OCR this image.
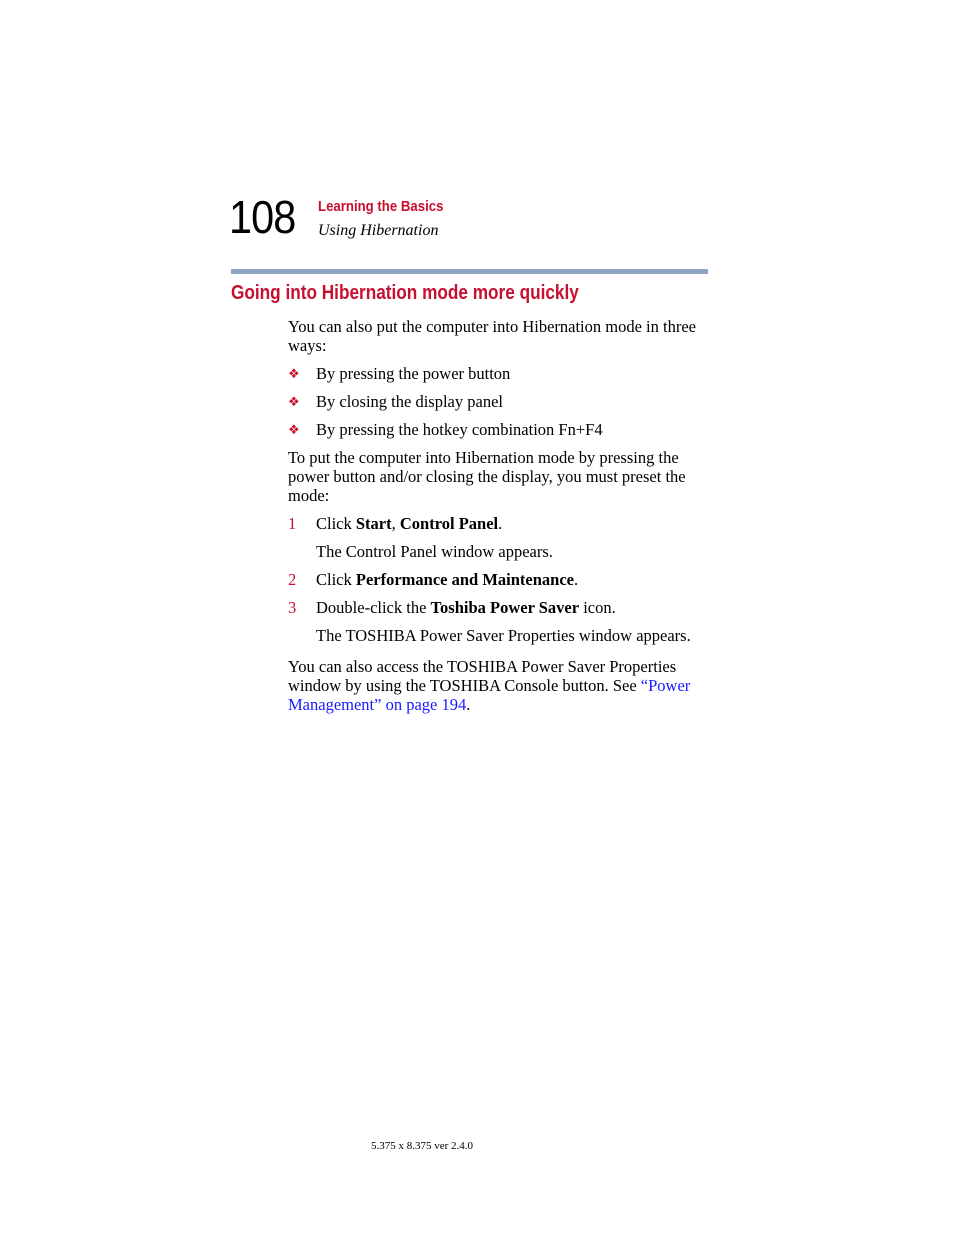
108 Learning the Basics
Using Hibernation
Going into Hibernation mode more quickly

You can also put the computer into Hibernation mode in three ways:

❖ By pressing the power button
❖ By closing the display panel
❖ By pressing the hotkey combination Fn+F4

To put the computer into Hibernation mode by pressing the power button and/or closing the display, you must preset the mode:

1 Click Start, Control Panel.

The Control Panel window appears.

2 Click Performance and Maintenance.
3 Double-click the Toshiba Power Saver icon.

The TOSHIBA Power Saver Properties window appears.

You can also access the TOSHIBA Power Saver Properties window by using the TOSHIBA Console button. See “Power Management” on page 194.

5.375 x 8.375 ver 2.4.0
